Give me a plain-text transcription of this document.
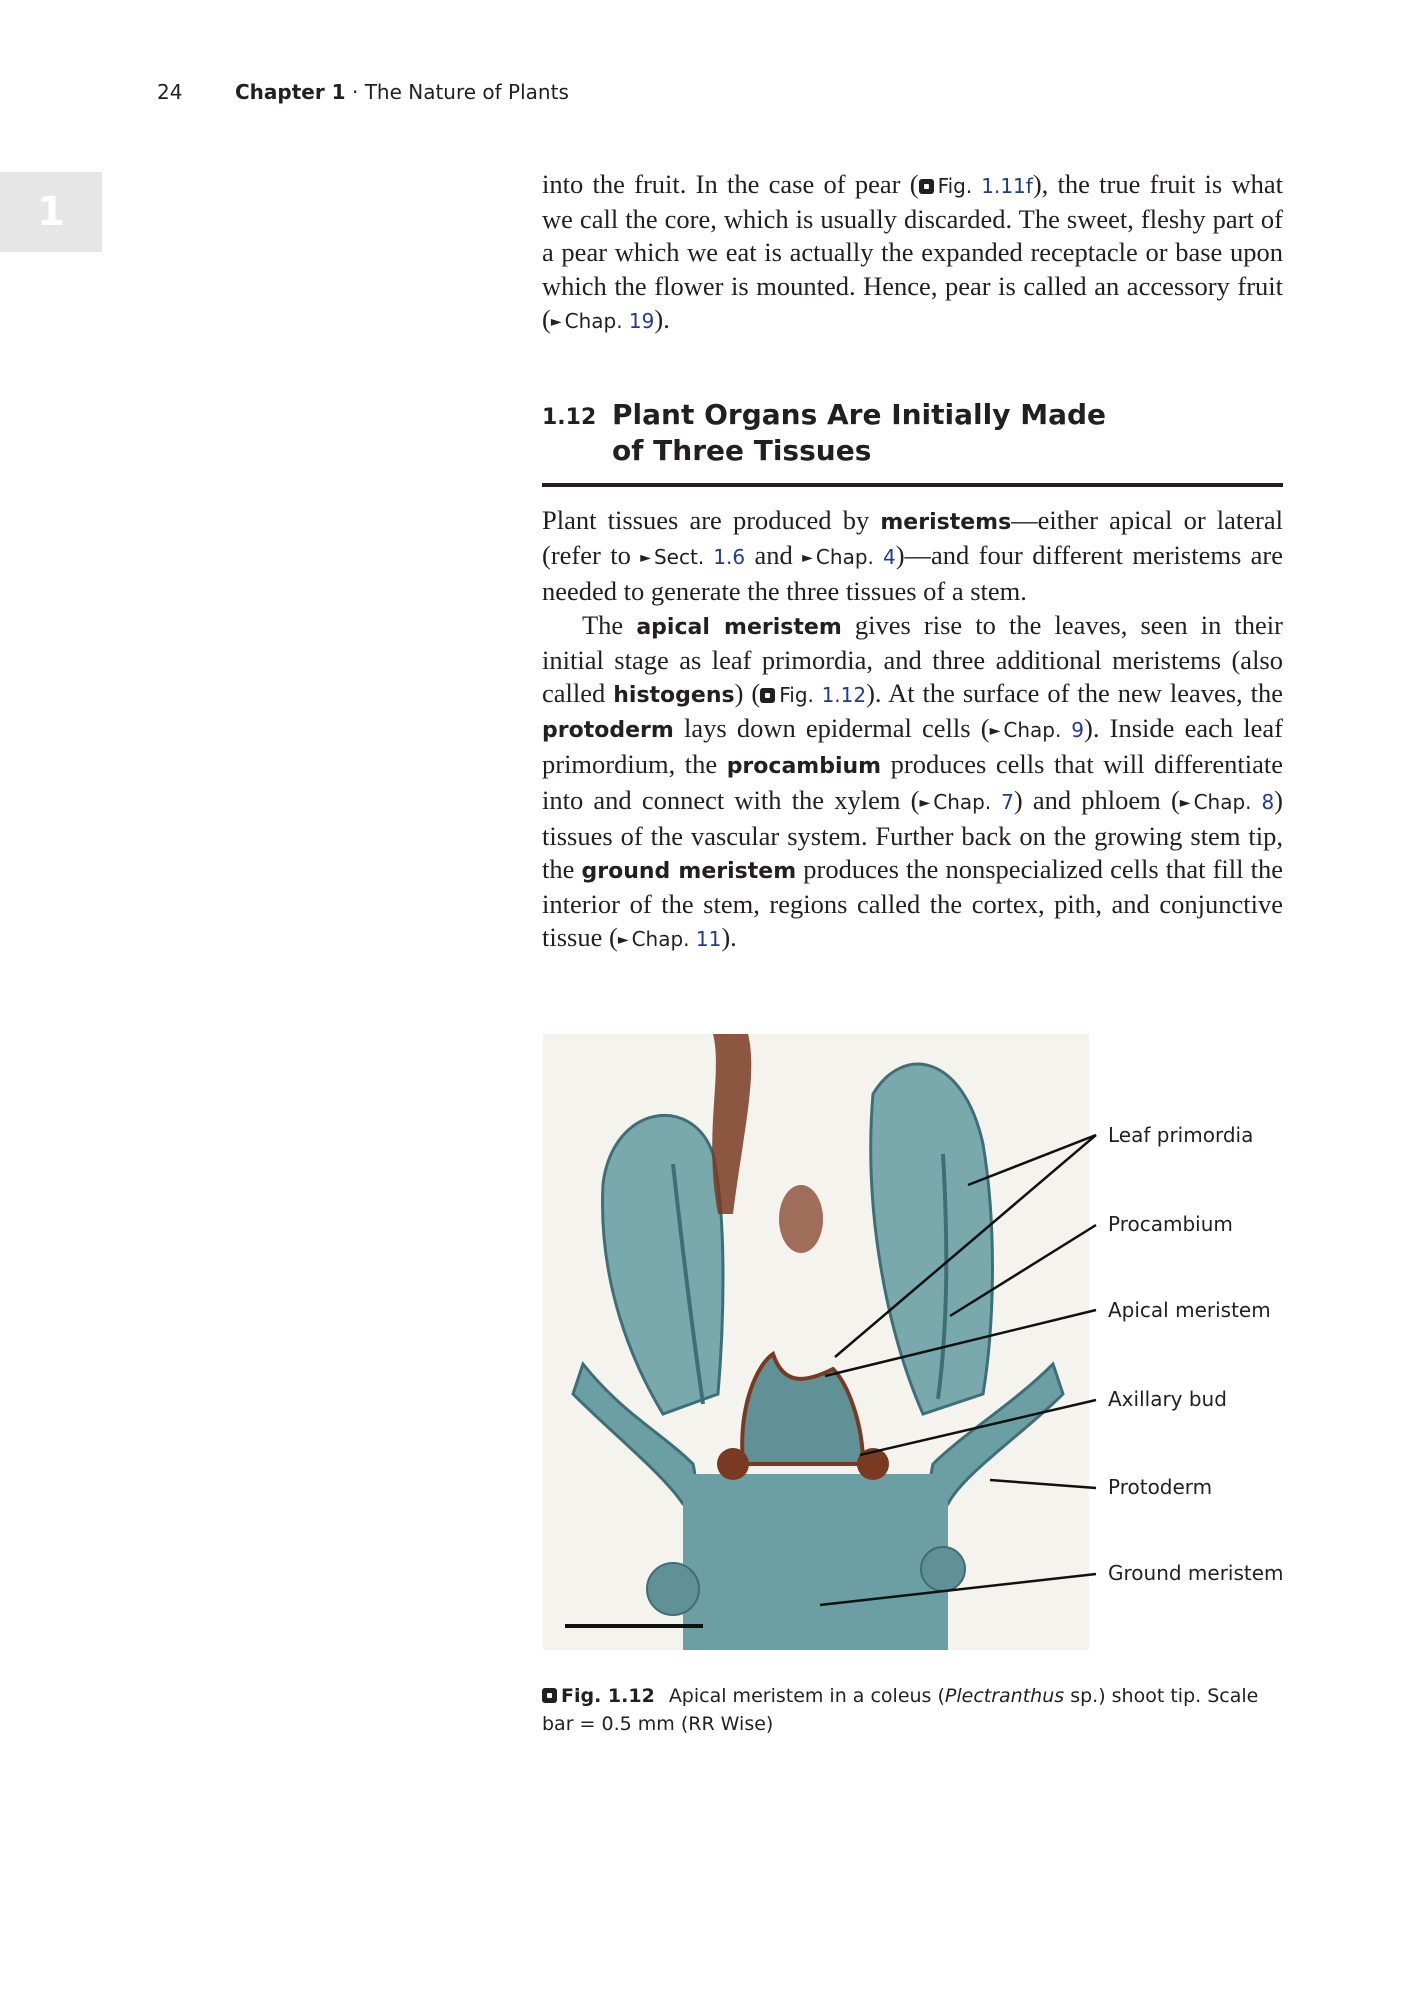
24	Chapter 1 · The Nature of Plants
1

into the fruit. In the case of pear ( Fig. 1.11f), the true fruit is what we call the core, which is usually discarded. The sweet, fleshy part of a pear which we eat is actually the expanded receptacle or base upon which the flower is mounted. Hence, pear is called an accessory fruit (► Chap. 19).

1.12 Plant Organs Are Initially Made
of Three Tissues

Plant tissues are produced by meristems—either apical or lateral (refer to ► Sect. 1.6 and ► Chap. 4)—and four different meristems are needed to generate the three tissues of a stem.

The apical meristem gives rise to the leaves, seen in their initial stage as leaf primordia, and three additional meristems (also called histogens) ( Fig. 1.12). At the surface of the new leaves, the protoderm lays down epidermal cells (► Chap. 9). Inside each leaf primordium, the procambium produces cells that will differentiate into and connect with the xylem (► Chap. 7) and phloem (► Chap. 8) tissues of the vascular system. Further back on the growing stem tip, the ground meristem produces the nonspecialized cells that fill the interior of the stem, regions called the cortex, pith, and conjunctive tissue (► Chap. 11).

Leaf primordia
Procambium
Apical meristem
Axillary bud
Protoderm
Ground meristem
Fig. 1.12 Apical meristem in a coleus (Plectranthus sp.) shoot tip. Scale bar = 0.5 mm (RR Wise)
